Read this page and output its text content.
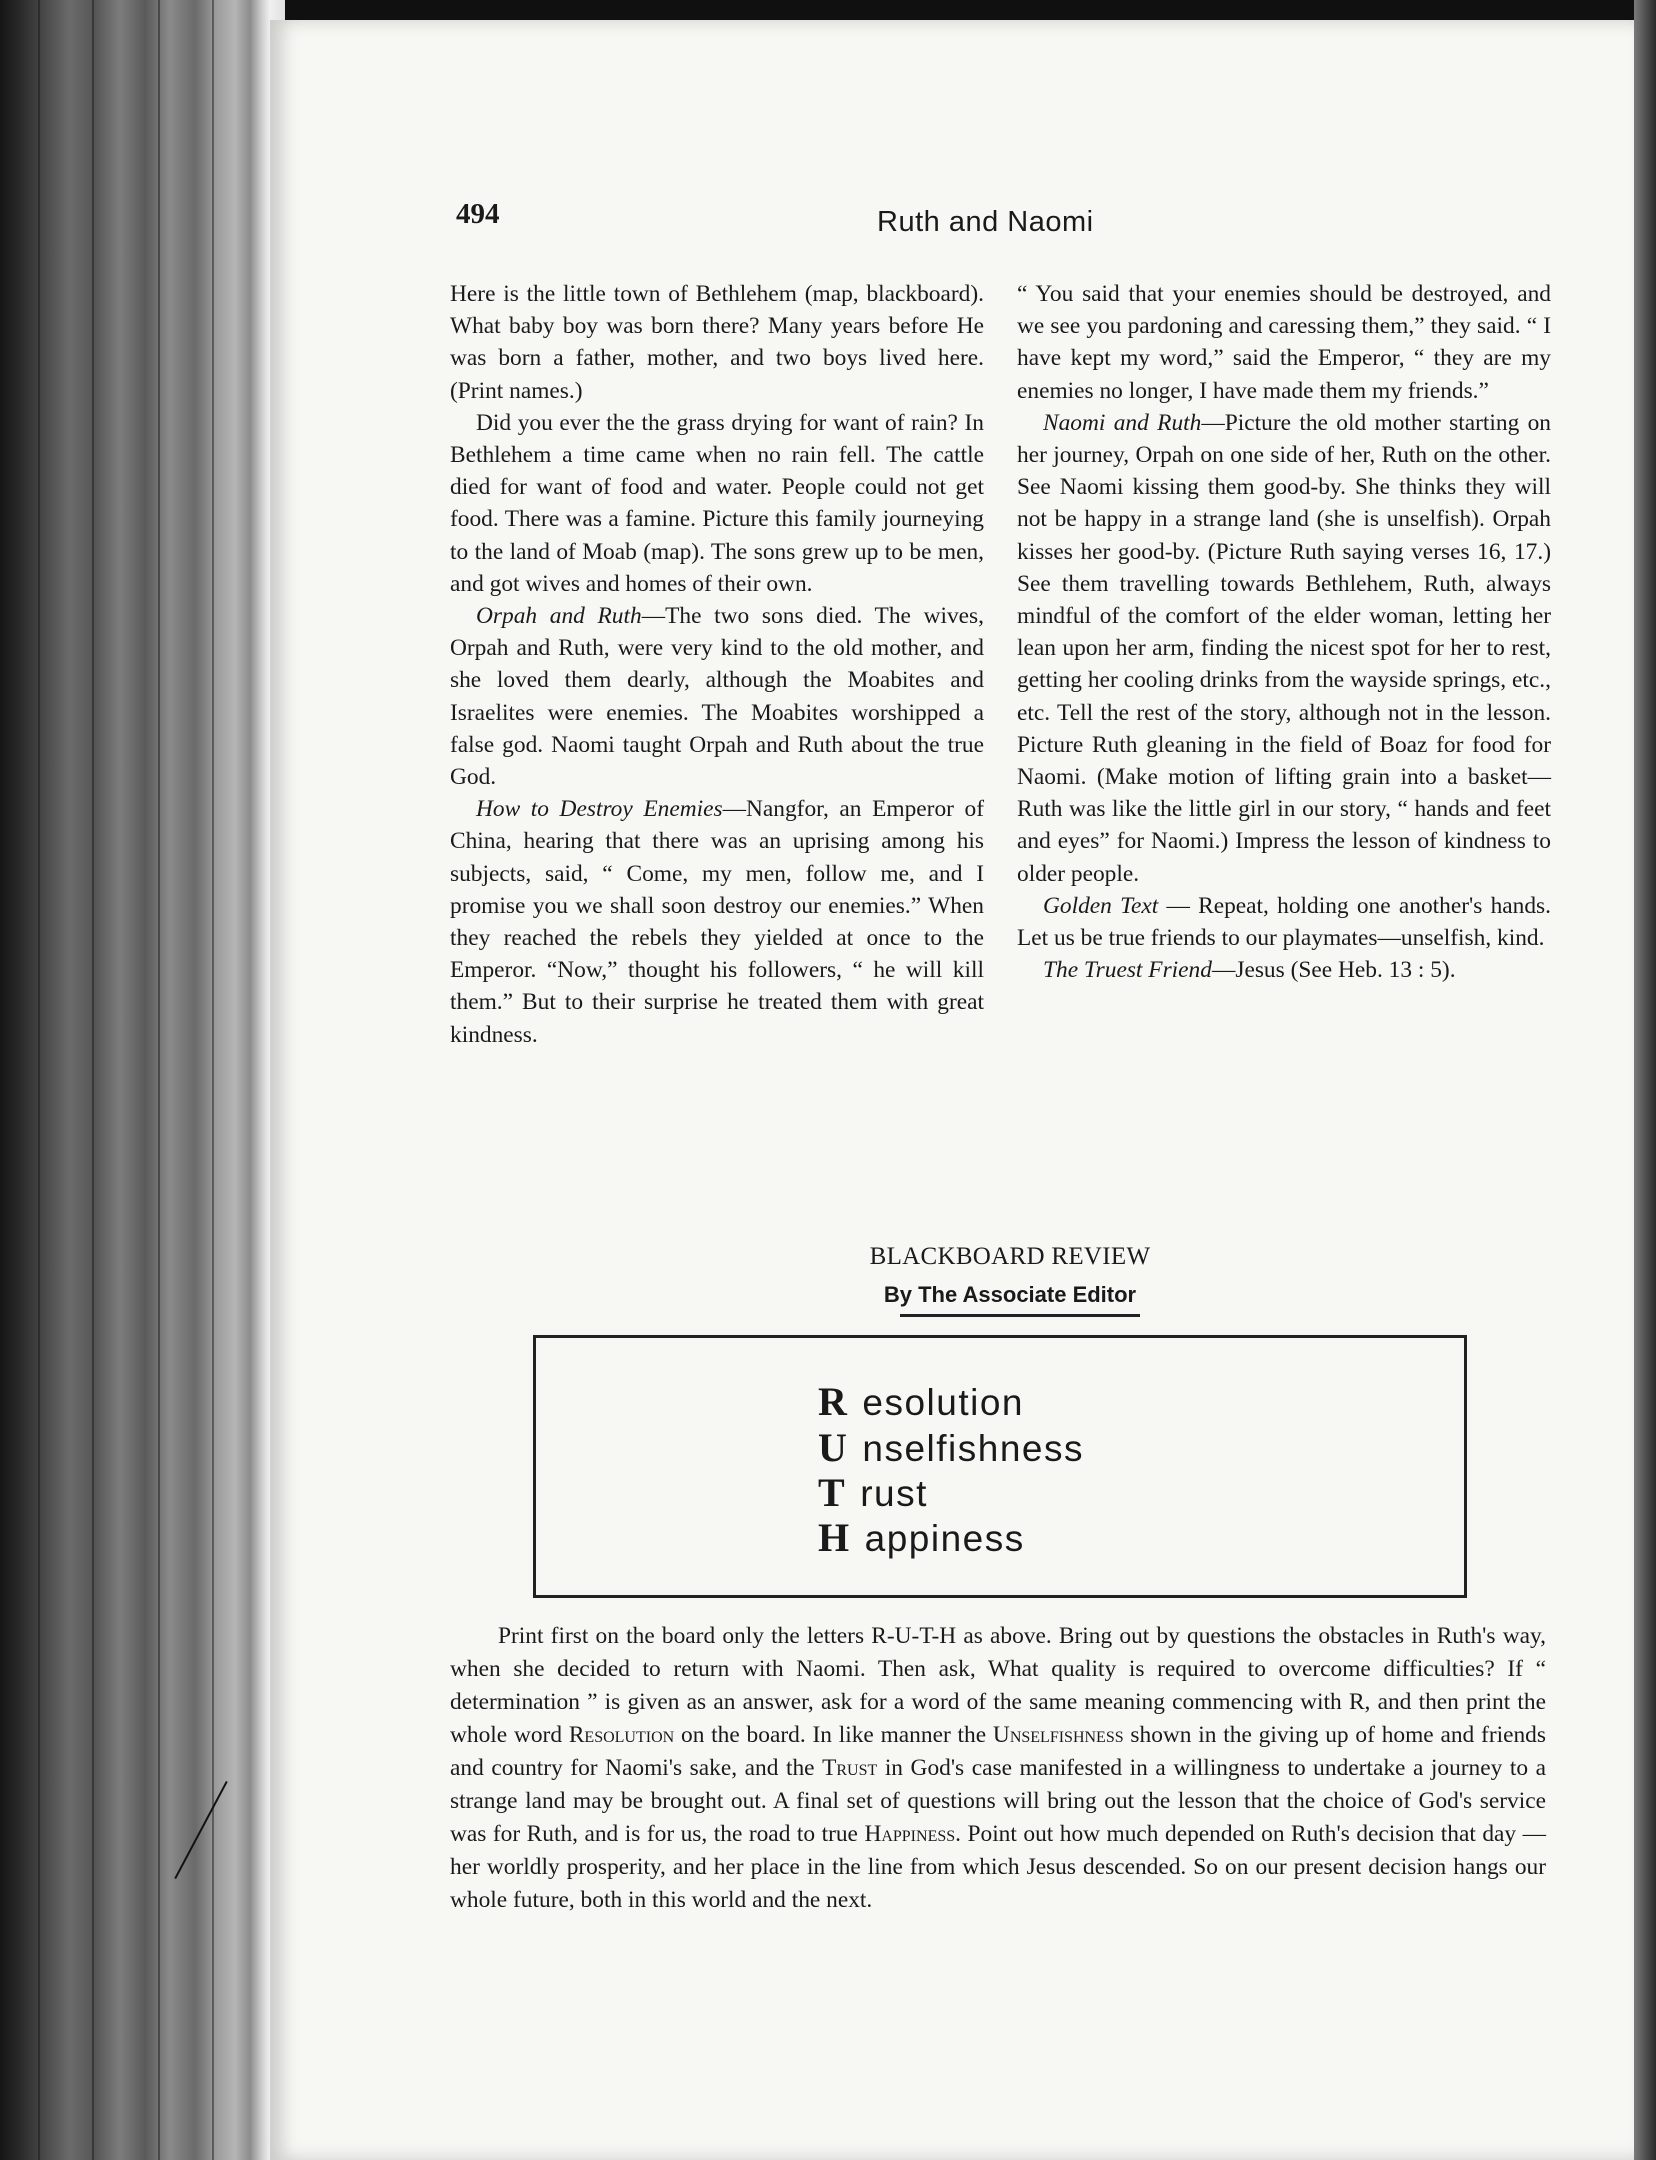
494	Ruth and Naomi

Here is the little town of Bethlehem (map, blackboard). What baby boy was born there? Many years before He was born a father, mother, and two boys lived here. (Print names.)

Did you ever the the grass drying for want of rain? In Bethlehem a time came when no rain fell. The cattle died for want of food and water. People could not get food. There was a famine. Picture this family journeying to the land of Moab (map). The sons grew up to be men, and got wives and homes of their own.

Orpah and Ruth—The two sons died. The wives, Orpah and Ruth, were very kind to the old mother, and she loved them dearly, although the Moabites and Israelites were enemies. The Moabites worshipped a false god. Naomi taught Orpah and Ruth about the true God.

How to Destroy Enemies—Nangfor, an Emperor of China, hearing that there was an uprising among his subjects, said, “ Come, my men, follow me, and I promise you we shall soon destroy our enemies.” When they reached the rebels they yielded at once to the Emperor. “Now,” thought his followers, “ he will kill them.” But to their surprise he treated them with great kindness.

“ You said that your enemies should be destroyed, and we see you pardoning and caressing them,” they said. “ I have kept my word,” said the Emperor, “ they are my enemies no longer, I have made them my friends.”

Naomi and Ruth—Picture the old mother starting on her journey, Orpah on one side of her, Ruth on the other. See Naomi kissing them good-by. She thinks they will not be happy in a strange land (she is unselfish). Orpah kisses her good-by. (Picture Ruth saying verses 16, 17.) See them travelling towards Bethlehem, Ruth, always mindful of the comfort of the elder woman, letting her lean upon her arm, finding the nicest spot for her to rest, getting her cooling drinks from the wayside springs, etc., etc. Tell the rest of the story, although not in the lesson. Picture Ruth gleaning in the field of Boaz for food for Naomi. (Make motion of lifting grain into a basket—Ruth was like the little girl in our story, “ hands and feet and eyes” for Naomi.) Impress the lesson of kindness to older people.

Golden Text — Repeat, holding one another's hands. Let us be true friends to our playmates—unselfish, kind.

The Truest Friend—Jesus (See Heb. 13 : 5).

BLACKBOARD REVIEW
By The Associate Editor
R esolution
U nselfishness
T rust
H appiness

Print first on the board only the letters R-U-T-H as above. Bring out by questions the obstacles in Ruth's way, when she decided to return with Naomi. Then ask, What quality is required to overcome difficulties? If “ determination ” is given as an answer, ask for a word of the same meaning commencing with R, and then print the whole word Resolution on the board. In like manner the Unselfishness shown in the giving up of home and friends and country for Naomi's sake, and the Trust in God's case manifested in a willingness to undertake a journey to a strange land may be brought out. A final set of questions will bring out the lesson that the choice of God's service was for Ruth, and is for us, the road to true Happiness. Point out how much depended on Ruth's decision that day —her worldly prosperity, and her place in the line from which Jesus descended. So on our present decision hangs our whole future, both in this world and the next.
